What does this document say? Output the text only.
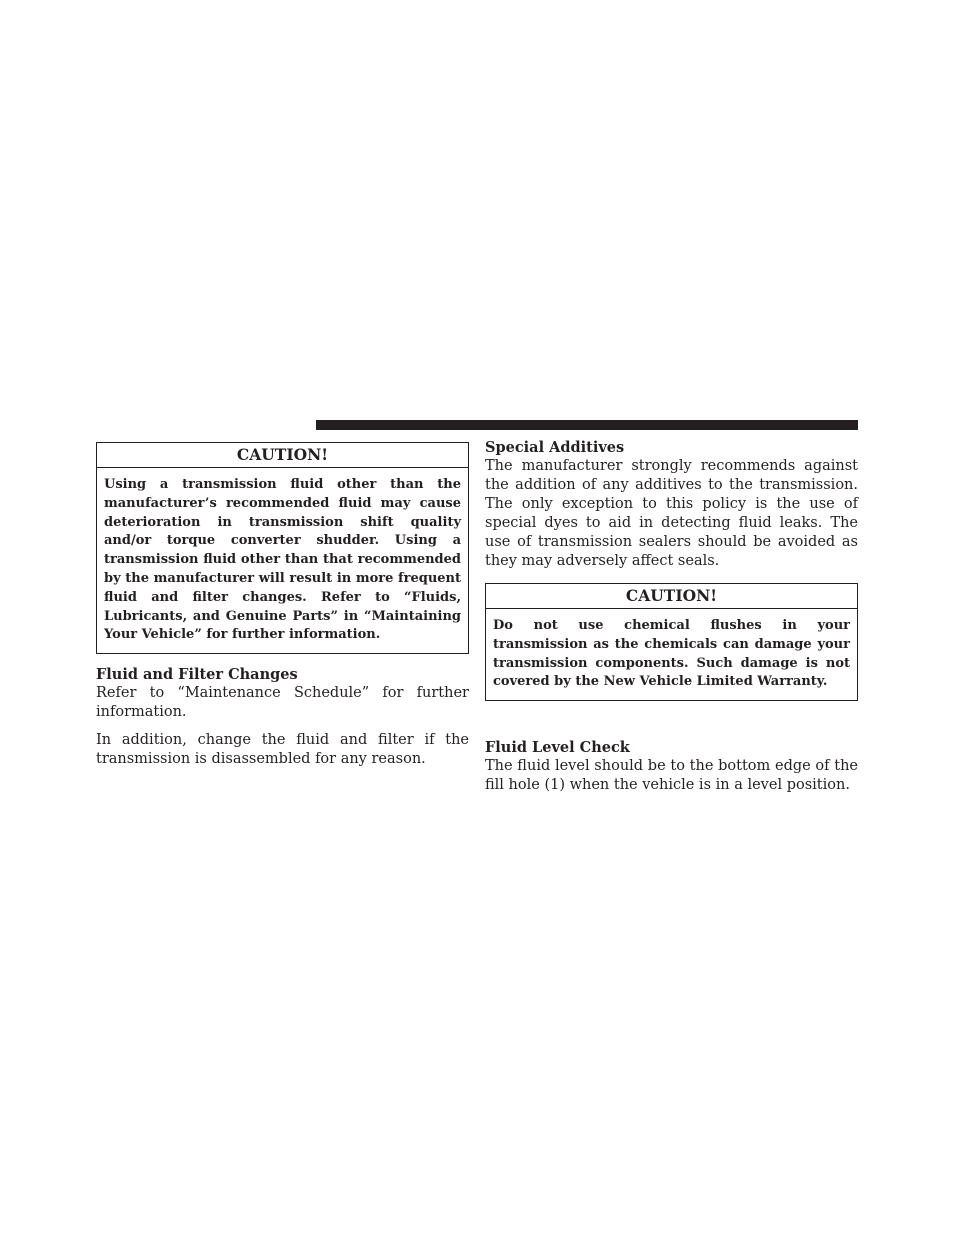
CAUTION!
Using a transmission fluid other than the manufacturer’s recommended fluid may cause deterioration in transmission shift quality and/or torque converter shudder. Using a transmission fluid other than that recommended by the manufacturer will result in more frequent fluid and filter changes. Refer to “Fluids, Lubricants, and Genuine Parts” in “Maintaining Your Vehicle” for further information.
Fluid and Filter Changes

Refer to “Maintenance Schedule” for further information.

In addition, change the fluid and filter if the transmission is disassembled for any reason.

Special Additives

The manufacturer strongly recommends against the addition of any additives to the transmission. The only exception to this policy is the use of special dyes to aid in detecting fluid leaks. The use of transmission sealers should be avoided as they may adversely affect seals.

CAUTION!
Do not use chemical flushes in your transmission as the chemicals can damage your transmission components. Such damage is not covered by the New Vehicle Limited Warranty.
Fluid Level Check

The fluid level should be to the bottom edge of the fill hole (1) when the vehicle is in a level position.
